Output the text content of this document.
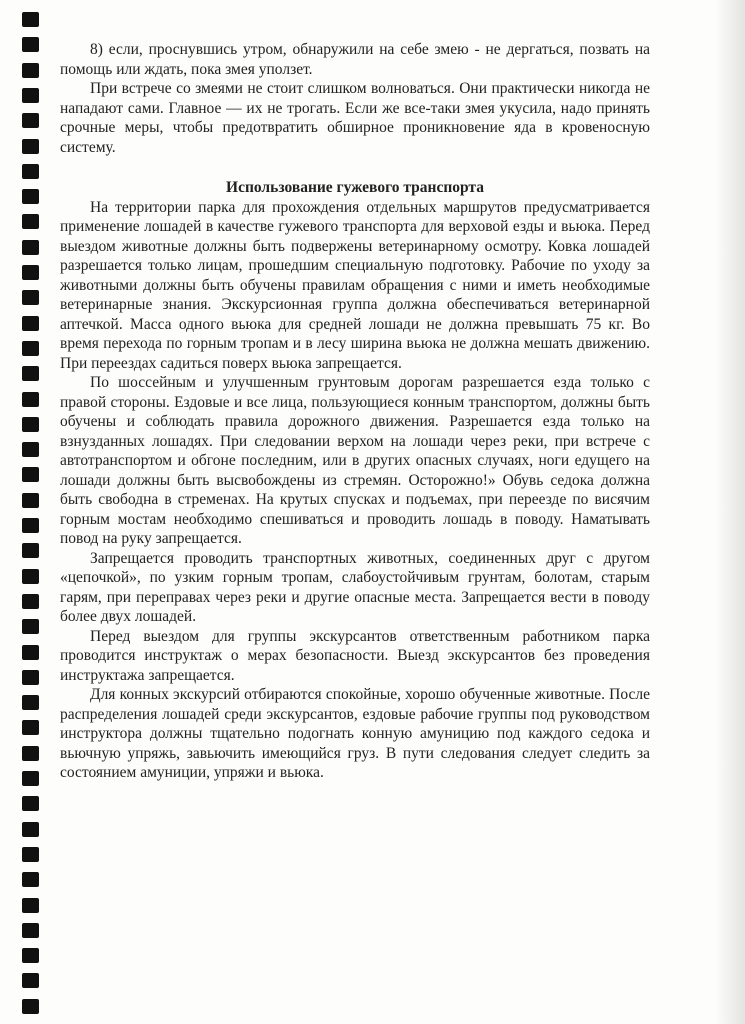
8) если, проснувшись утром, обнаружили на себе змею - не дергаться, позвать на помощь или ждать, пока змея уползет.

При встрече со змеями не стоит слишком волноваться. Они практически никогда не нападают сами. Главное — их не трогать. Если же все-таки змея укусила, надо принять срочные меры, чтобы предотвратить обширное проникновение яда в кровеносную систему.

Использование гужевого транспорта

На территории парка для прохождения отдельных маршрутов предусматривается применение лошадей в качестве гужевого транспорта для верховой езды и вьюка. Перед выездом животные должны быть подвержены ветеринарному осмотру. Ковка лошадей разрешается только лицам, прошедшим специальную подготовку. Рабочие по уходу за животными должны быть обучены правилам обращения с ними и иметь необходимые ветеринарные знания. Экскурсионная группа должна обеспечиваться ветеринарной аптечкой. Масса одного вьюка для средней лошади не должна превышать 75 кг. Во время перехода по горным тропам и в лесу ширина вьюка не должна мешать движению. При переездах садиться поверх вьюка запрещается.

По шоссейным и улучшенным грунтовым дорогам разрешается езда только с правой стороны. Ездовые и все лица, пользующиеся конным транспортом, должны быть обучены и соблюдать правила дорожного движения. Разрешается езда только на взнузданных лошадях. При следовании верхом на лошади через реки, при встрече с автотранспортом и обгоне последним, или в других опасных случаях, ноги едущего на лошади должны быть высвобождены из стремян. Осторожно!» Обувь седока должна быть свободна в стременах. На крутых спусках и подъемах, при переезде по висячим горным мостам необходимо спешиваться и проводить лошадь в поводу. Наматывать повод на руку запрещается.

Запрещается проводить транспортных животных, соединенных друг с другом «цепочкой», по узким горным тропам, слабоустойчивым грунтам, болотам, старым гарям, при переправах через реки и другие опасные места. Запрещается вести в поводу более двух лошадей.

Перед выездом для группы экскурсантов ответственным работником парка проводится инструктаж о мерах безопасности. Выезд экскурсантов без проведения инструктажа запрещается.

Для конных экскурсий отбираются спокойные, хорошо обученные животные. После распределения лошадей среди экскурсантов, ездовые рабочие группы под руководством инструктора должны тщательно подогнать конную амуницию под каждого седока и вьючную упряжь, завьючить имеющийся груз. В пути следования следует следить за состоянием амуниции, упряжи и вьюка.
